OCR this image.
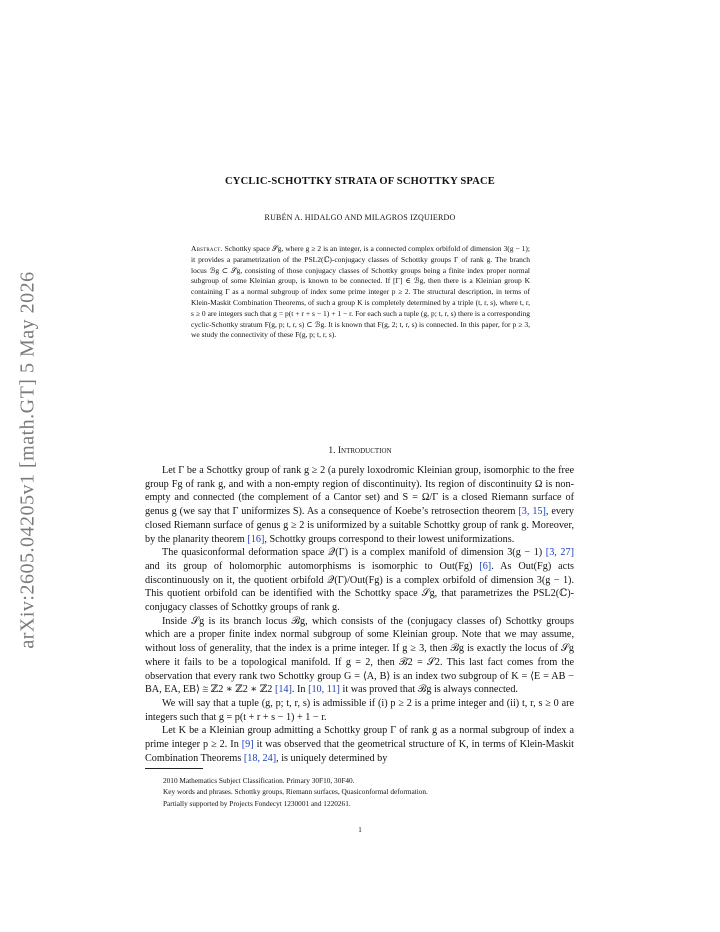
arXiv:2605.04205v1 [math.GT] 5 May 2026
CYCLIC-SCHOTTKY STRATA OF SCHOTTKY SPACE
RUBÉN A. HIDALGO AND MILAGROS IZQUIERDO
Abstract. Schottky space 𝒮g, where g ≥ 2 is an integer, is a connected complex orbifold of dimension 3(g − 1); it provides a parametrization of the PSL2(ℂ)-conjugacy classes of Schottky groups Γ of rank g. The branch locus ℬg ⊂ 𝒮g, consisting of those conjugacy classes of Schottky groups being a finite index proper normal subgroup of some Kleinian group, is known to be connected. If [Γ] ∈ ℬg, then there is a Kleinian group K containing Γ as a normal subgroup of index some prime integer p ≥ 2. The structural description, in terms of Klein-Maskit Combination Theorems, of such a group K is completely determined by a triple (t, r, s), where t, r, s ≥ 0 are integers such that g = p(t + r + s − 1) + 1 − r. For each such a tuple (g, p; t, r, s) there is a corresponding cyclic-Schottky stratum F(g, p; t, r, s) ⊂ ℬg. It is known that F(g, 2; t, r, s) is connected. In this paper, for p ≥ 3, we study the connectivity of these F(g, p; t, r, s).
1. Introduction

Let Γ be a Schottky group of rank g ≥ 2 (a purely loxodromic Kleinian group, isomorphic to the free group Fg of rank g, and with a non-empty region of discontinuity). Its region of discontinuity Ω is non-empty and connected (the complement of a Cantor set) and S = Ω/Γ is a closed Riemann surface of genus g (we say that Γ uniformizes S). As a consequence of Koebe’s retrosection theorem [3, 15], every closed Riemann surface of genus g ≥ 2 is uniformized by a suitable Schottky group of rank g. Moreover, by the planarity theorem [16], Schottky groups correspond to their lowest uniformizations.

The quasiconformal deformation space 𝒬(Γ) is a complex manifold of dimension 3(g − 1) [3, 27] and its group of holomorphic automorphisms is isomorphic to Out(Fg) [6]. As Out(Fg) acts discontinuously on it, the quotient orbifold 𝒬(Γ)/Out(Fg) is a complex orbifold of dimension 3(g − 1). This quotient orbifold can be identified with the Schottky space 𝒮g, that parametrizes the PSL2(ℂ)-conjugacy classes of Schottky groups of rank g.

Inside 𝒮g is its branch locus ℬg, which consists of the (conjugacy classes of) Schottky groups which are a proper finite index normal subgroup of some Kleinian group. Note that we may assume, without loss of generality, that the index is a prime integer. If g ≥ 3, then ℬg is exactly the locus of 𝒮g where it fails to be a topological manifold. If g = 2, then ℬ2 = 𝒮2. This last fact comes from the observation that every rank two Schottky group G = ⟨A, B⟩ is an index two subgroup of K = ⟨E = AB − BA, EA, EB⟩ ≅ ℤ2 ∗ ℤ2 ∗ ℤ2 [14]. In [10, 11] it was proved that ℬg is always connected.

We will say that a tuple (g, p; t, r, s) is admissible if (i) p ≥ 2 is a prime integer and (ii) t, r, s ≥ 0 are integers such that g = p(t + r + s − 1) + 1 − r.

Let K be a Kleinian group admitting a Schottky group Γ of rank g as a normal subgroup of index a prime integer p ≥ 2. In [9] it was observed that the geometrical structure of K, in terms of Klein-Maskit Combination Theorems [18, 24], is uniquely determined by

2010 Mathematics Subject Classification. Primary 30F10, 30F40.
Key words and phrases. Schottky groups, Riemann surfaces, Quasiconformal deformation.
Partially supported by Projects Fondecyt 1230001 and 1220261.
1
